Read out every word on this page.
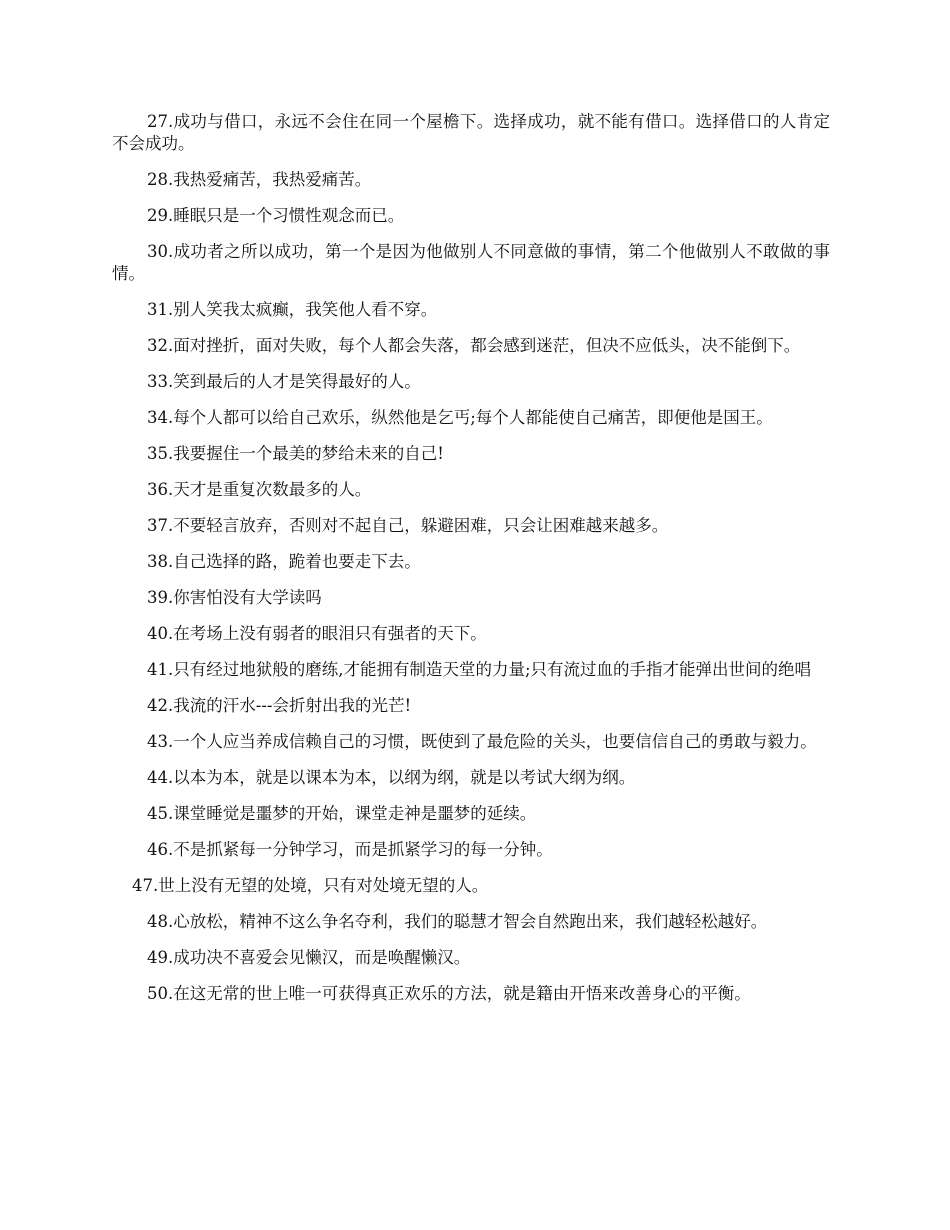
27.成功与借口，永远不会住在同一个屋檐下。选择成功，就不能有借口。选择借口的人肯定不会成功。

28.我热爱痛苦，我热爱痛苦。

29.睡眠只是一个习惯性观念而已。

30.成功者之所以成功，第一个是因为他做别人不同意做的事情，第二个他做别人不敢做的事情。

31.别人笑我太疯癫，我笑他人看不穿。

32.面对挫折，面对失败，每个人都会失落，都会感到迷茫，但决不应低头，决不能倒下。

33.笑到最后的人才是笑得最好的人。

34.每个人都可以给自己欢乐，纵然他是乞丐;每个人都能使自己痛苦，即便他是国王。

35.我要握住一个最美的梦给未来的自己!

36.天才是重复次数最多的人。

37.不要轻言放弃，否则对不起自己，躲避困难，只会让困难越来越多。

38.自己选择的路，跪着也要走下去。

39.你害怕没有大学读吗

40.在考场上没有弱者的眼泪只有强者的天下。

41.只有经过地狱般的磨练,才能拥有制造天堂的力量;只有流过血的手指才能弹出世间的绝唱

42.我流的汗水---会折射出我的光芒!

43.一个人应当养成信赖自己的习惯，既使到了最危险的关头，也要信信自己的勇敢与毅力。

44.以本为本，就是以课本为本，以纲为纲，就是以考试大纲为纲。

45.课堂睡觉是噩梦的开始，课堂走神是噩梦的延续。

46.不是抓紧每一分钟学习，而是抓紧学习的每一分钟。

47.世上没有无望的处境，只有对处境无望的人。

48.心放松，精神不这么争名夺利，我们的聪慧才智会自然跑出来，我们越轻松越好。

49.成功决不喜爱会见懒汉，而是唤醒懒汉。

50.在这无常的世上唯一可获得真正欢乐的方法，就是籍由开悟来改善身心的平衡。
